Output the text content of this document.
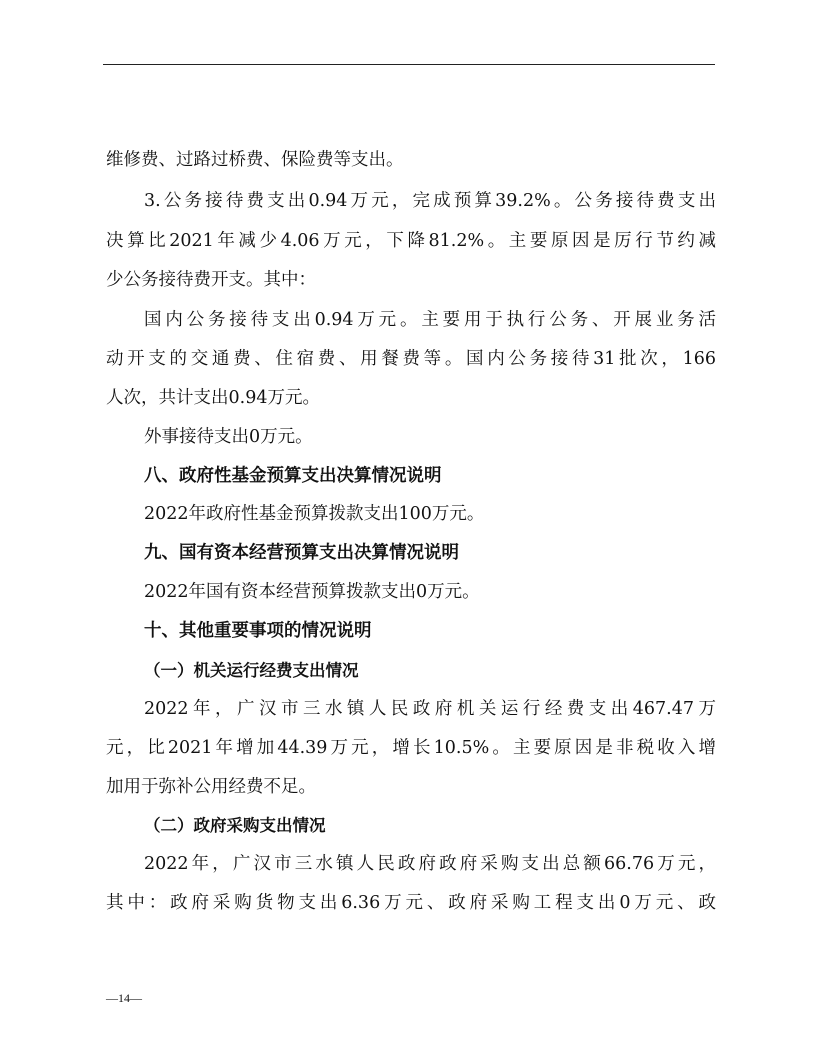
维修费、过路过桥费、保险费等支出。
3.公务接待费支出0.94万元，完成预算39.2%。公务接待费支出
决算比2021年减少4.06万元，下降81.2%。主要原因是厉行节约减
少公务接待费开支。其中：
国内公务接待支出0.94万元。主要用于执行公务、开展业务活
动开支的交通费、住宿费、用餐费等。国内公务接待31批次，166
人次，共计支出0.94万元。
外事接待支出0万元。
八、政府性基金预算支出决算情况说明
2022年政府性基金预算拨款支出100万元。
九、国有资本经营预算支出决算情况说明
2022年国有资本经营预算拨款支出0万元。
十、其他重要事项的情况说明
（一）机关运行经费支出情况
2022年，广汉市三水镇人民政府机关运行经费支出467.47万
元，比2021年增加44.39万元，增长10.5%。主要原因是非税收入增
加用于弥补公用经费不足。
（二）政府采购支出情况
2022年，广汉市三水镇人民政府政府采购支出总额66.76万元，
其中：政府采购货物支出6.36万元、政府采购工程支出0万元、政
—14—
